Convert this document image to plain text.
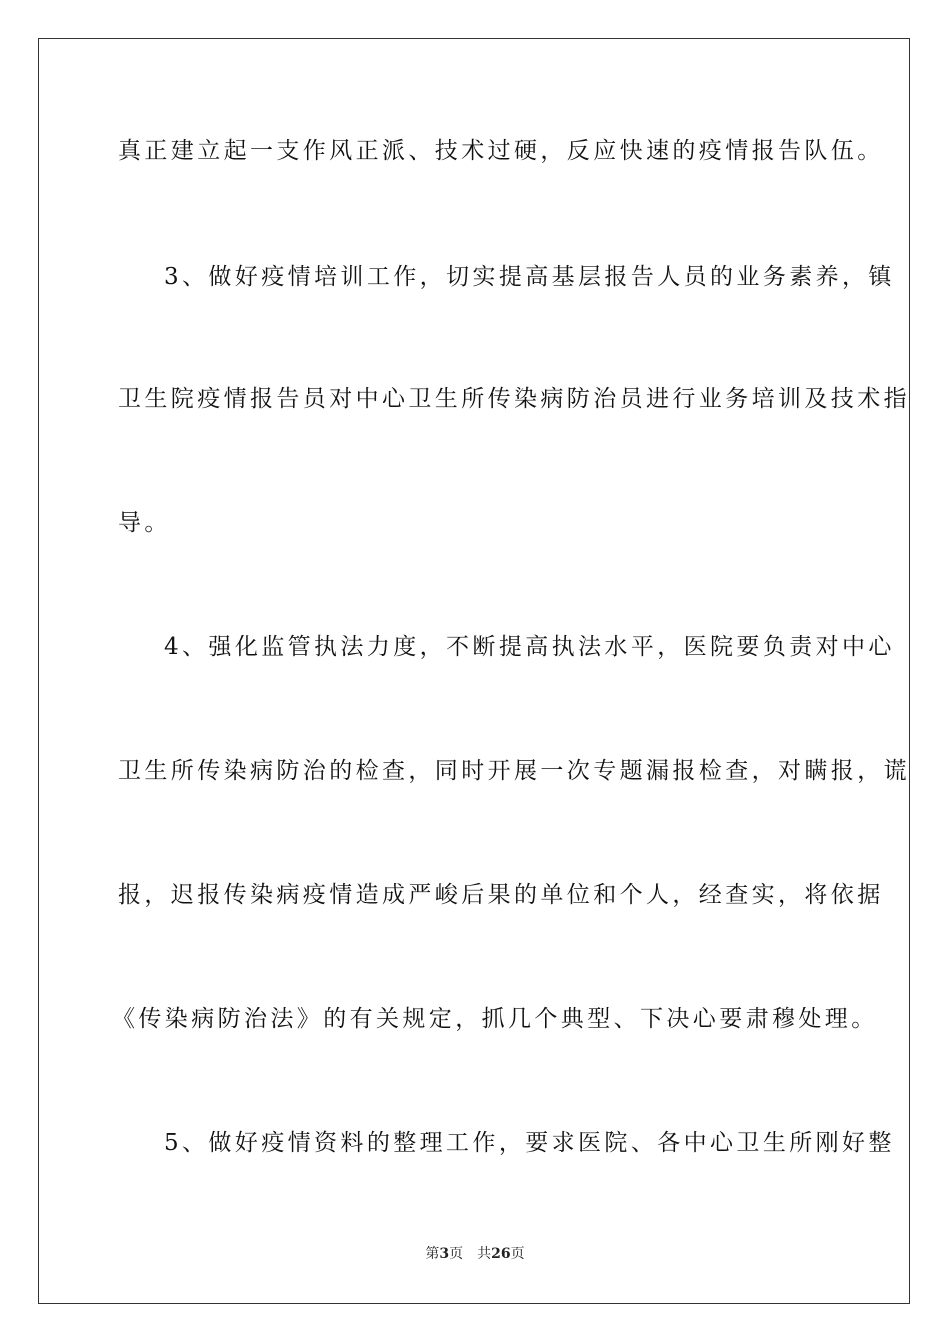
真正建立起一支作风正派、技术过硬，反应快速的疫情报告队伍。
3、做好疫情培训工作，切实提高基层报告人员的业务素养，镇
卫生院疫情报告员对中心卫生所传染病防治员进行业务培训及技术指
导。
4、强化监管执法力度，不断提高执法水平，医院要负责对中心
卫生所传染病防治的检查，同时开展一次专题漏报检查，对瞒报，谎
报，迟报传染病疫情造成严峻后果的单位和个人，经查实，将依据
《传染病防治法》的有关规定，抓几个典型、下决心要肃穆处理。
5、做好疫情资料的整理工作，要求医院、各中心卫生所刚好整
第3页 共26页
